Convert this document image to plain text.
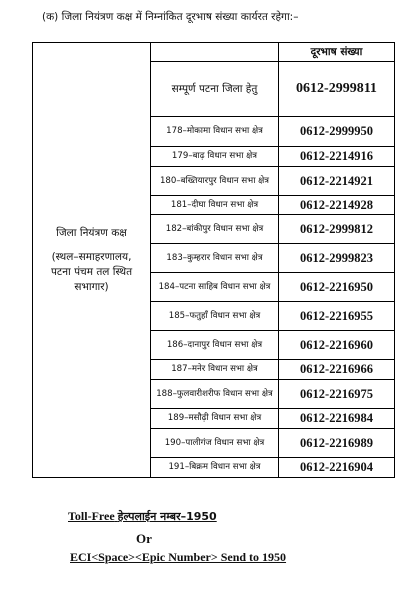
(क) जिला नियंत्रण कक्ष में निम्नांकित दूरभाष संख्या कार्यरत रहेगा:–
जिला नियंत्रण कक्ष
(स्थल–समाहरणालय,
पटना पंचम तल स्थित
सभागार)		दूरभाष संख्या
	सम्पूर्ण पटना जिला हेतु	0612-2999811
	178–मोकामा विधान सभा क्षेत्र	0612-2999950
	179–बाढ़ विधान सभा क्षेत्र	0612-2214916
	180–बख्तियारपुर विधान सभा क्षेत्र	0612-2214921
	181–दीघा विधान सभा क्षेत्र	0612-2214928
	182–बांकीपुर विधान सभा क्षेत्र	0612-2999812
	183–कुम्हरार विधान सभा क्षेत्र	0612-2999823
	184–पटना साहिब विधान सभा क्षेत्र	0612-2216950
	185–फतुहाँ विधान सभा क्षेत्र	0612-2216955
	186–दानापुर विधान सभा क्षेत्र	0612-2216960
	187–मनेर विधान सभा क्षेत्र	0612-2216966
	188–फुलवारीशरीफ विधान सभा क्षेत्र	0612-2216975
	189–मसौढ़ी विधान सभा क्षेत्र	0612-2216984
	190–पालीगंज विधान सभा क्षेत्र	0612-2216989
	191–बिक्रम विधान सभा क्षेत्र	0612-2216904
Toll-Free हेल्पलाईन नम्बर–1950
Or
ECI<Space><Epic Number> Send to 1950
